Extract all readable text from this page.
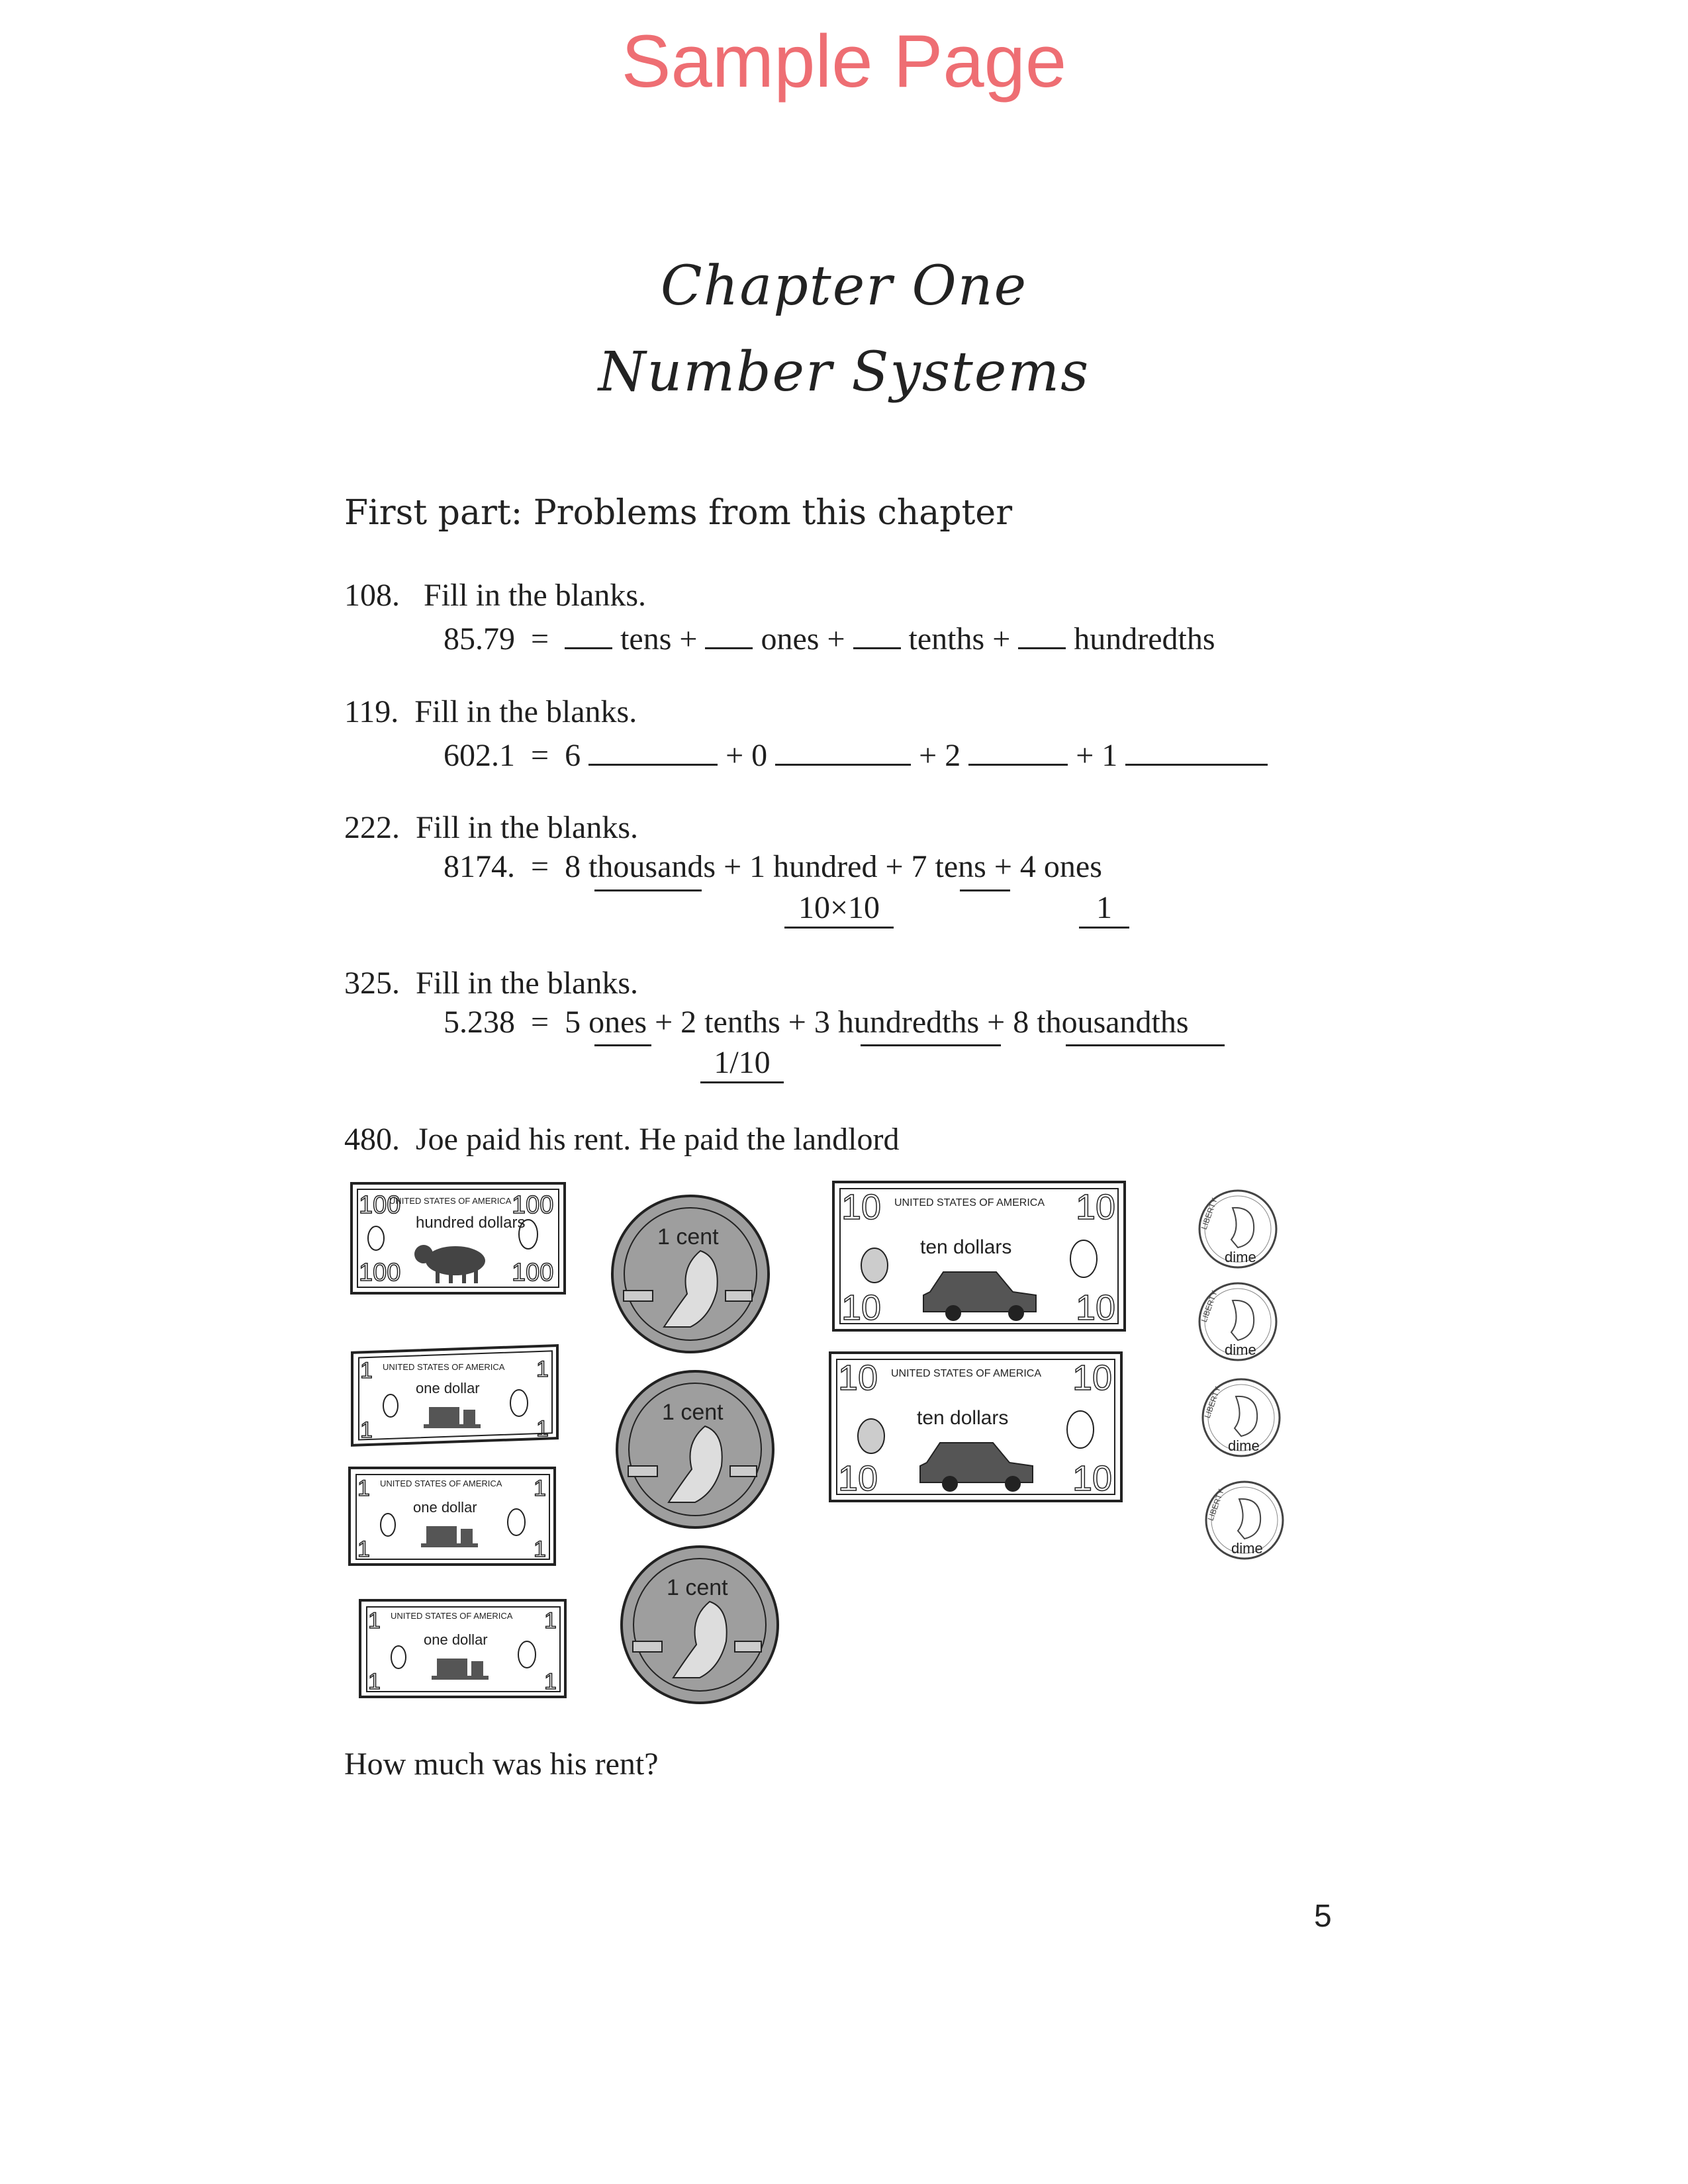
Sample Page
Chapter One
Number Systems
First part: Problems from this chapter
108. Fill in the blanks.
85.79 = tens + ones + tenths + hundredths
119. Fill in the blanks.
602.1 = 6	+ 0	+ 2	+ 1
222. Fill in the blanks.
8174. = 8 thousands + 1 hundred + 7 tens + 4 ones
10×10	1
325. Fill in the blanks.
5.238 = 5 ones + 2 tenths + 3 hundredths + 8 thousandths
1/10
480. Joe paid his rent. He paid the landlord
UNITED STATES OF AMERICA
100	100
100	100
hundred dollars
UNITED STATES OF AMERICA
1	1
1	1
one dollar
UNITED STATES OF AMERICA
1	1
1	1
one dollar
UNITED STATES OF AMERICA
1	1
1	1
one dollar
1 cent
1 cent
1 cent
UNITED STATES OF AMERICA
10	10
10	10
ten dollars
UNITED STATES OF AMERICA
10	10
10	10
ten dollars
LIBERTY
dime
LIBERTY
dime
LIBERTY
dime
LIBERTY
dime
How much was his rent?
5
